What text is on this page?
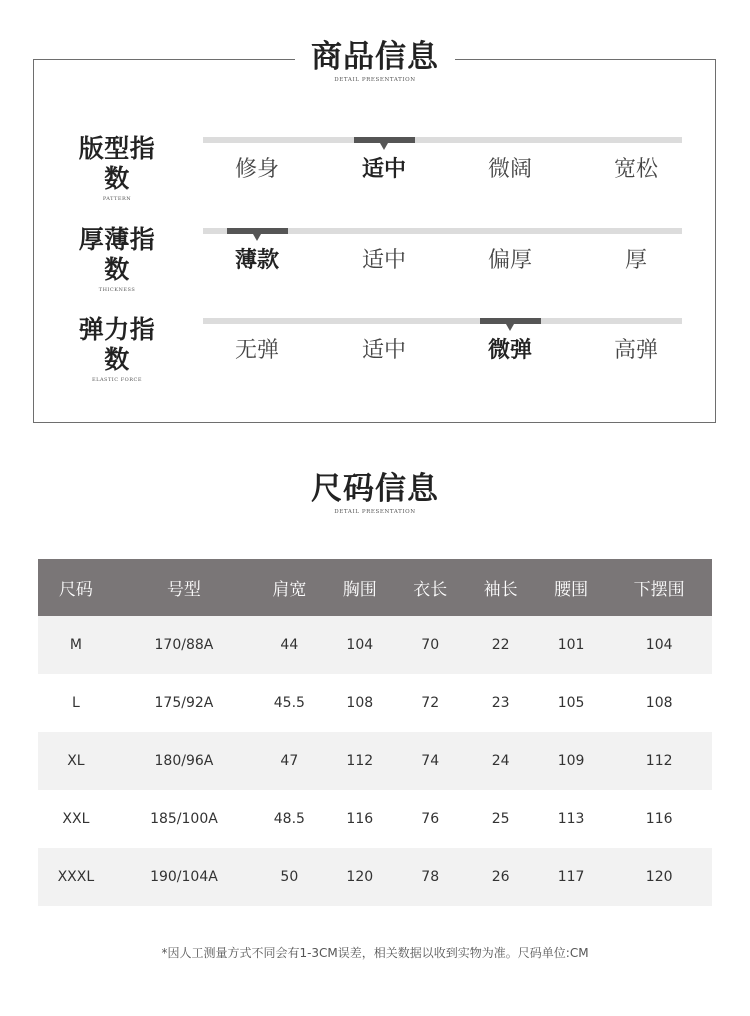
商品信息
DETAIL PRESENTATION
版型指数
PATTERN
修身	适中	微阔	宽松
厚薄指数
THICKNESS
薄款	适中	偏厚	厚
弹力指数
ELASTIC FORCE
无弹	适中	微弹	高弹
尺码信息
DETAIL PRESENTATION
尺码	号型	肩宽	胸围	衣长	袖长	腰围	下摆围
M	170/88A	44	104	70	22	101	104
L	175/92A	45.5	108	72	23	105	108
XL	180/96A	47	112	74	24	109	112
XXL	185/100A	48.5	116	76	25	113	116
XXXL	190/104A	50	120	78	26	117	120
*因人工测量方式不同会有1-3CM误差，相关数据以收到实物为准。尺码单位:CM
